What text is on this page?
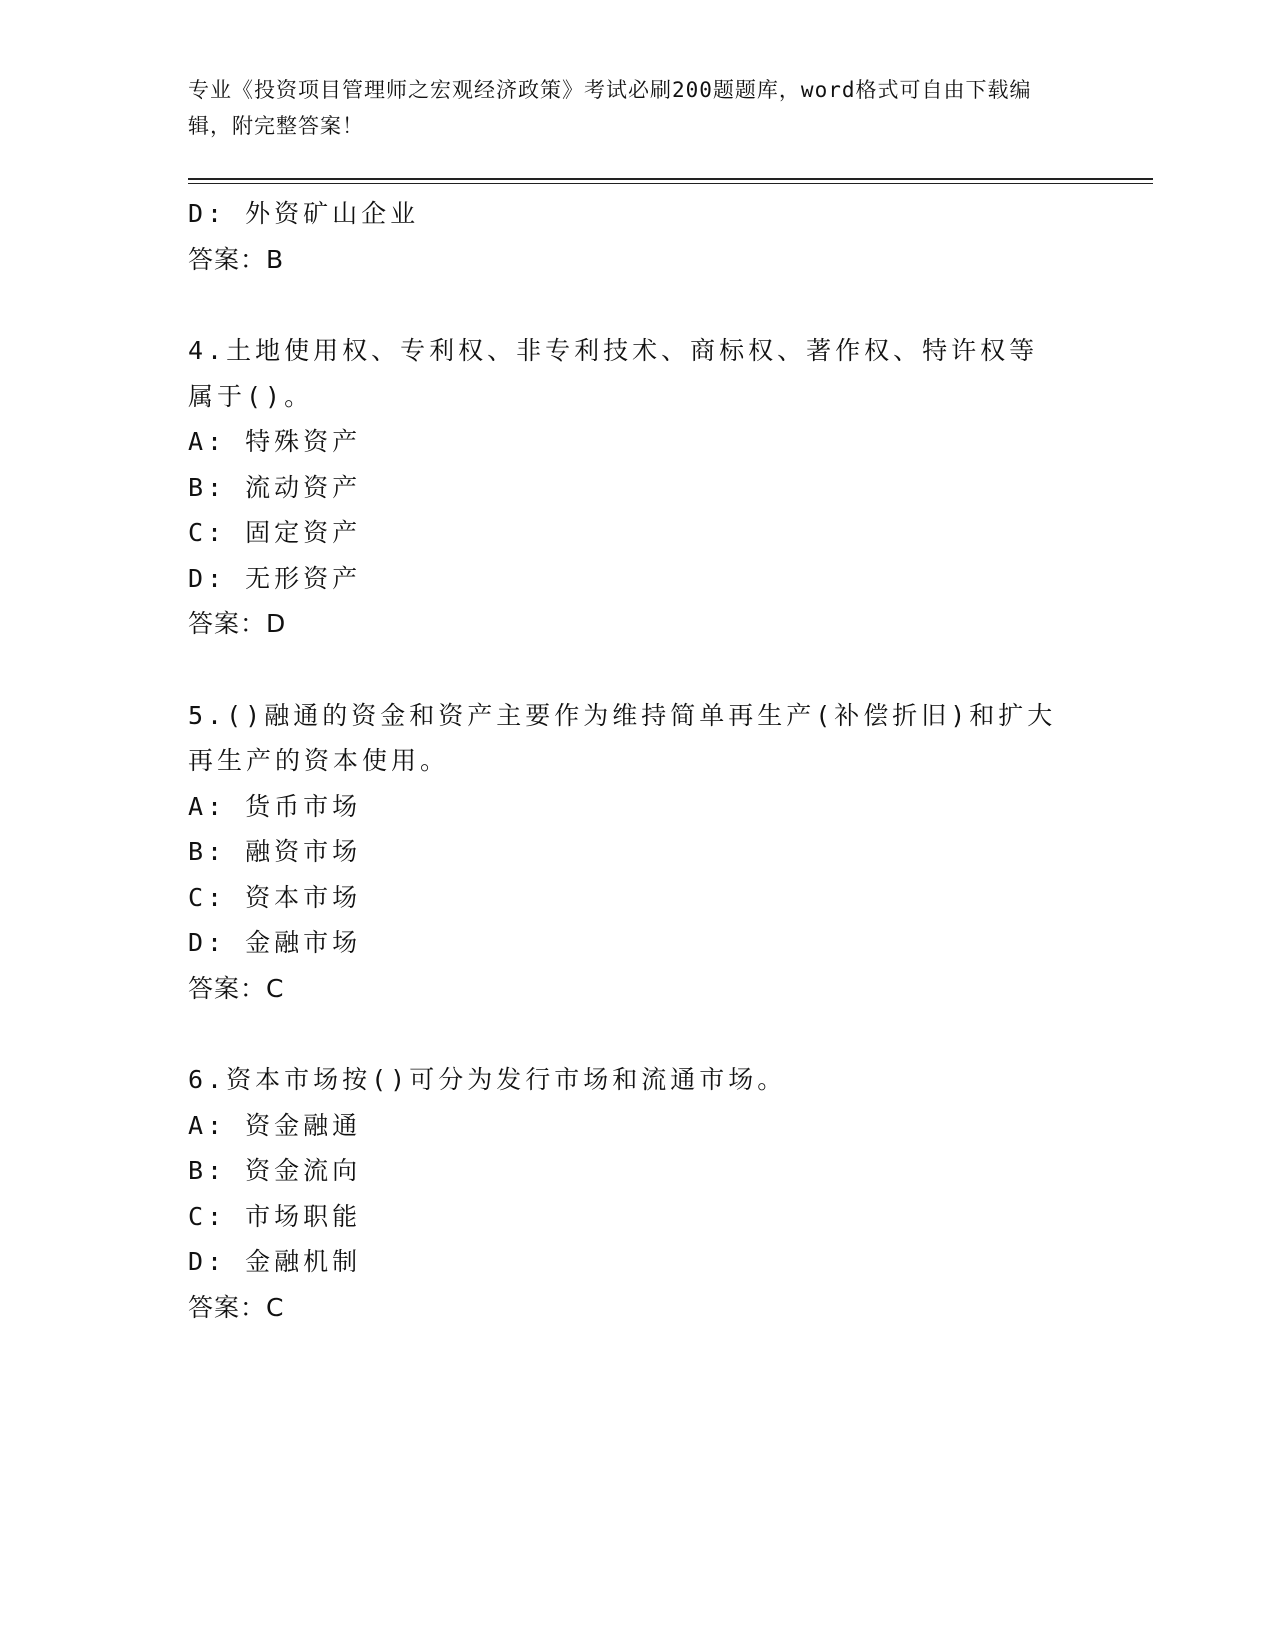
专业《投资项目管理师之宏观经济政策》考试必刷200题题库，word格式可自由下载编辑，附完整答案！
D: 外资矿山企业
答案：B
4.土地使用权、专利权、非专利技术、商标权、著作权、特许权等属于()。
A: 特殊资产
B: 流动资产
C: 固定资产
D: 无形资产
答案：D
5.()融通的资金和资产主要作为维持简单再生产(补偿折旧)和扩大再生产的资本使用。
A: 货币市场
B: 融资市场
C: 资本市场
D: 金融市场
答案：C
6.资本市场按()可分为发行市场和流通市场。
A: 资金融通
B: 资金流向
C: 市场职能
D: 金融机制
答案：C
